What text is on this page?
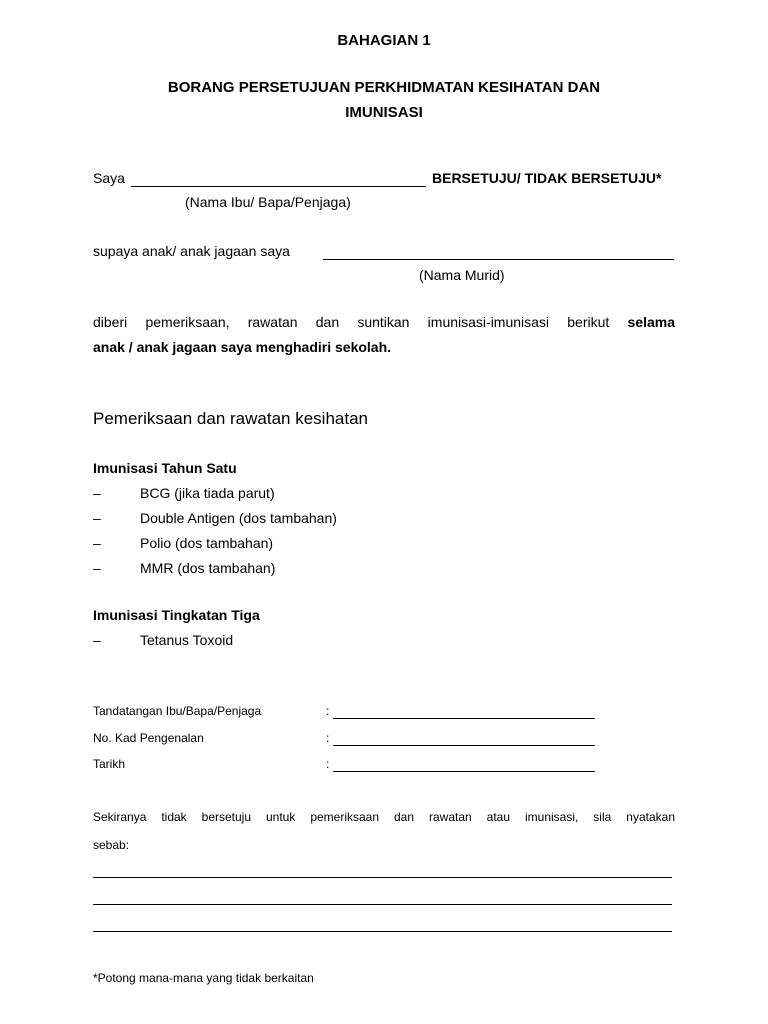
BAHAGIAN 1
BORANG PERSETUJUAN PERKHIDMATAN KESIHATAN DAN
IMUNISASI
Saya	BERSETUJU/ TIDAK BERSETUJU*
(Nama Ibu/ Bapa/Penjaga)
supaya anak/ anak jagaan saya
(Nama Murid)
diberi pemeriksaan, rawatan dan suntikan imunisasi-imunisasi berikut selama
anak / anak jagaan saya menghadiri sekolah.
Pemeriksaan dan rawatan kesihatan
Imunisasi Tahun Satu
–	BCG (jika tiada parut)
–	Double Antigen (dos tambahan)
–	Polio (dos tambahan)
–	MMR (dos tambahan)
Imunisasi Tingkatan Tiga
–	Tetanus Toxoid
Tandatangan Ibu/Bapa/Penjaga	:
No. Kad Pengenalan	:
Tarikh	:
Sekiranya tidak bersetuju untuk pemeriksaan dan rawatan atau imunisasi, sila nyatakan
sebab:
*Potong mana-mana yang tidak berkaitan
